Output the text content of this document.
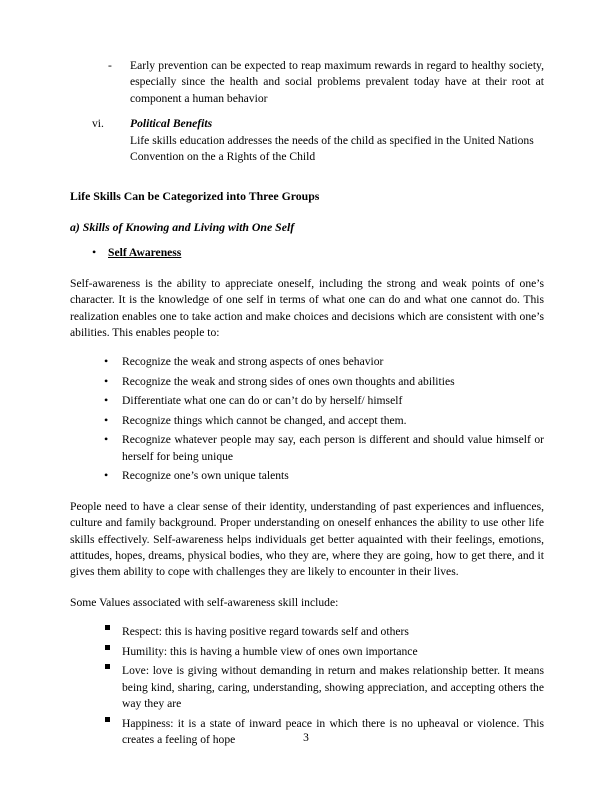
- Early prevention can be expected to reap maximum rewards in regard to healthy society, especially since the health and social problems prevalent today have at their root at component a human behavior
vi. Political Benefits
Life skills education addresses the needs of the child as specified in the United Nations Convention on the a Rights of the Child
Life Skills Can be Categorized into Three Groups
a) Skills of Knowing and Living with One Self
• Self Awareness

Self-awareness is the ability to appreciate oneself, including the strong and weak points of one’s character. It is the knowledge of one self in terms of what one can do and what one cannot do. This realization enables one to take action and make choices and decisions which are consistent with one’s abilities. This enables people to:

• Recognize the weak and strong aspects of ones behavior
• Recognize the weak and strong sides of ones own thoughts and abilities
• Differentiate what one can do or can’t do by herself/ himself
• Recognize things which cannot be changed, and accept them.
• Recognize whatever people may say, each person is different and should value himself or herself for being unique
• Recognize one’s own unique talents

People need to have a clear sense of their identity, understanding of past experiences and influences, culture and family background. Proper understanding on oneself enhances the ability to use other life skills effectively. Self-awareness helps individuals get better aquainted with their feelings, emotions, attitudes, hopes, dreams, physical bodies, who they are, where they are going, how to get there, and it gives them ability to cope with challenges they are likely to encounter in their lives.

Some Values associated with self-awareness skill include:

Respect: this is having positive regard towards self and others
Humility: this is having a humble view of ones own importance
Love: love is giving without demanding in return and makes relationship better. It means being kind, sharing, caring, understanding, showing appreciation, and accepting others the way they are
Happiness: it is a state of inward peace in which there is no upheaval or violence. This creates a feeling of hope	3
